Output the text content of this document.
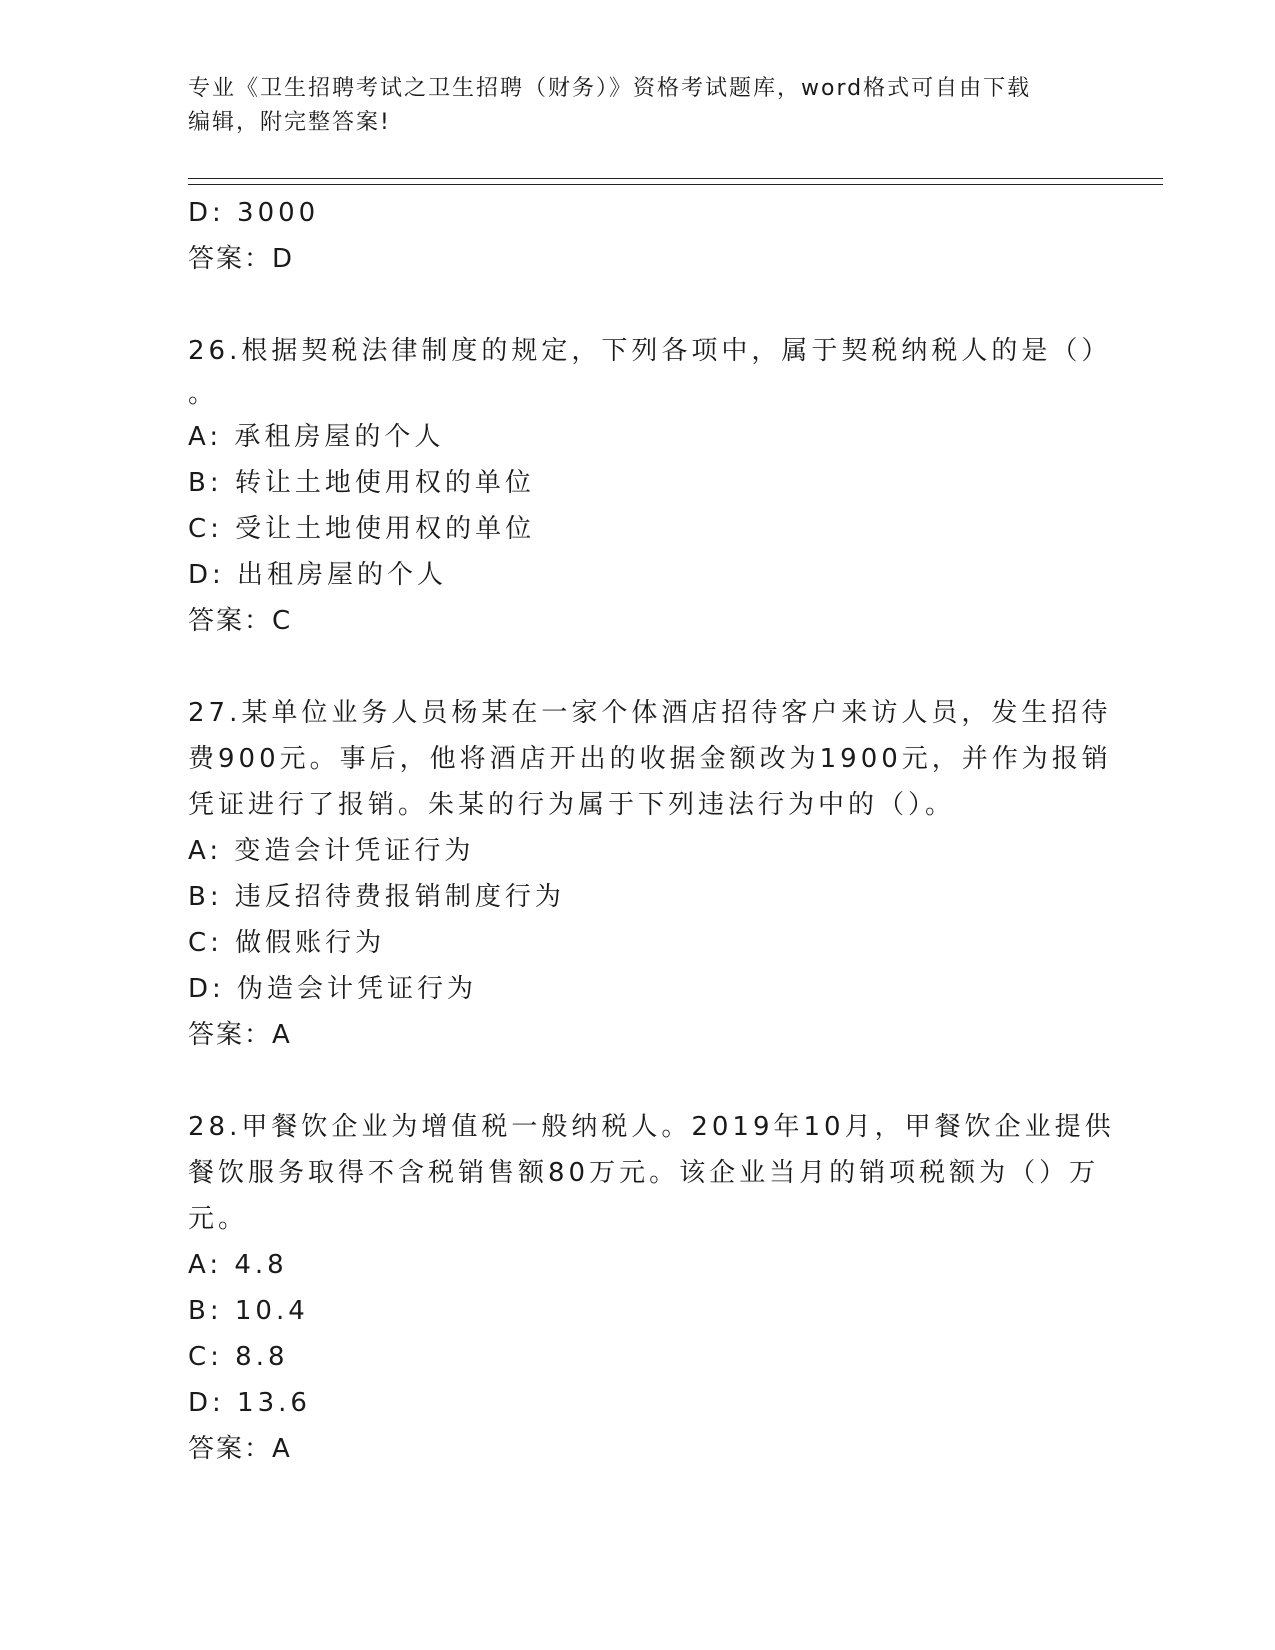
专业《卫生招聘考试之卫生招聘（财务）》资格考试题库，word格式可自由下载
编辑，附完整答案!
D: 3000
答案：D
26.根据契税法律制度的规定，下列各项中，属于契税纳税人的是（）
。
A: 承租房屋的个人
B: 转让土地使用权的单位
C: 受让土地使用权的单位
D: 出租房屋的个人
答案：C
27.某单位业务人员杨某在一家个体酒店招待客户来访人员，发生招待
费900元。事后，他将酒店开出的收据金额改为1900元，并作为报销
凭证进行了报销。朱某的行为属于下列违法行为中的（）。
A: 变造会计凭证行为
B: 违反招待费报销制度行为
C: 做假账行为
D: 伪造会计凭证行为
答案：A
28.甲餐饮企业为增值税一般纳税人。2019年10月，甲餐饮企业提供
餐饮服务取得不含税销售额80万元。该企业当月的销项税额为（）万
元。
A: 4.8
B: 10.4
C: 8.8
D: 13.6
答案：A
